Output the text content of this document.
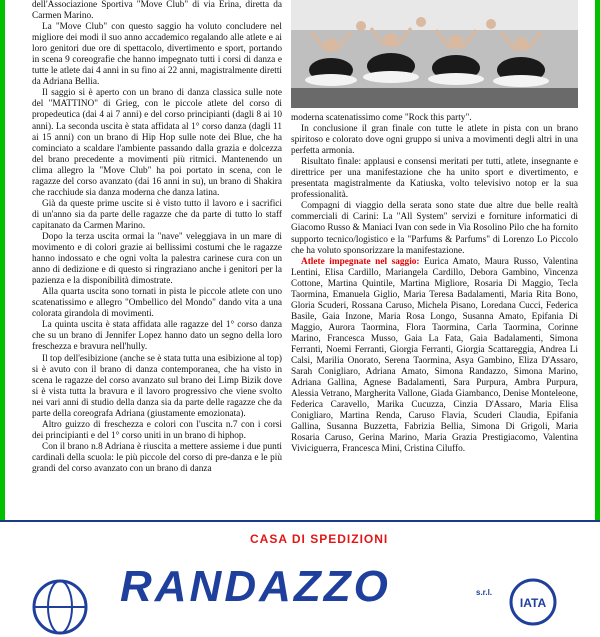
dell'Associazione Sportiva "Move Club" di via Erina, diretta da Carmen Marino.

La "Move Club" con questo saggio ha voluto concludere nel migliore dei modi il suo anno accademico regalando alle atlete e ai loro genitori due ore di spettacolo, divertimento e sport, portando in scena 9 coreografie che hanno impegnato tutti i corsi di danza e tutte le atlete dai 4 anni in su fino ai 22 anni, magistralmente diretti da Adriana Bellia.

Il saggio si è aperto con un brano di danza classica sulle note del "MATTINO" di Grieg, con le piccole atlete del corso di propedeutica (dai 4 ai 7 anni) e del corso principianti (dagli 8 ai 10 anni). La seconda uscita è stata affidata al 1° corso danza (dagli 11 ai 15 anni) con un brano di Hip Hop sulle note dei Blue, che ha cominciato a scaldare l'ambiente passando dalla grazia e dolcezza del brano precedente a movimenti più ritmici. Mantenendo un clima allegro la "Move Club" ha poi portato in scena, con le ragazze del corso avanzato (dai 16 anni in su), un brano di Shakira che racchiude sia danza moderna che danza latina.

Già da queste prime uscite si è visto tutto il lavoro e i sacrifici di un'anno sia da parte delle ragazze che da parte di tutto lo staff capitanato da Carmen Marino.

Dopo la terza uscita ormai la "nave" veleggiava in un mare di movimento e di colori grazie ai bellissimi costumi che le ragazze hanno indossato e che ogni volta la palestra carinese cura con un anno di dedizione e di questo si ringraziano anche i genitori per la pazienza e la disponibilità dimostrate.

Alla quarta uscita sono tornati in pista le piccole atlete con uno scatenatissimo e allegro "Ombellico del Mondo" dando vita a una colorata girandola di movimenti.

La quinta uscita è stata affidata alle ragazze del 1° corso danza che su un brano di Jennifer Lopez hanno dato un segno della loro freschezza e bravura nell'hully.

Il top dell'esibizione (anche se è stata tutta una esibizione al top) si è avuto con il brano di danza contemporanea, che ha visto in scena le ragazze del corso avanzato sul brano dei Limp Bizik dove si è vista tutta la bravura e il lavoro progressivo che viene svolto nei vari anni di studio della danza sia da parte delle ragazze che da parte della coreografa Adriana (giustamente emozionata).

Altro guizzo di freschezza e colori con l'uscita n.7 con i corsi dei principianti e del 1° corso uniti in un brano di hiphop.

Con il brano n.8 Adriana è riuscita a mettere assieme i due punti cardinali della scuola: le più piccole del corso di pre-danza e le più grandi del corso avanzato con un brano di danza

moderna scatenatissimo come "Rock this party".

In conclusione il gran finale con tutte le atlete in pista con un brano spiritoso e colorato dove ogni gruppo si univa a movimenti degli altri in una perfetta armonia.

Risultato finale: applausi e consensi meritati per tutti, atlete, insegnante e direttrice per una manifestazione che ha unito sport e divertimento, e presentata magistralmente da Katiuska, volto televisivo notop er la sua professionalità.

Compagni di viaggio della serata sono state due altre due belle realtà commerciali di Carini: La "All System" servizi e forniture informatici di Giacomo Russo & Maniaci Ivan con sede in Via Rosolino Pilo che ha fornito supporto tecnico/logistico e la "Parfums & Parfums" di Lorenzo Lo Piccolo che ha voluto sponsorizzare la manifestazione.

Atlete impegnate nel saggio: Eurica Amato, Maura Russo, Valentina Lentini, Elisa Cardillo, Mariangela Cardillo, Debora Gambino, Vincenza Cottone, Martina Quintile, Martina Migliore, Rosaria Di Maggio, Tecla Taormina, Emanuela Giglio, Maria Teresa Badalamenti, Maria Rita Bono, Gloria Scuderi, Rossana Caruso, Michela Pisano, Loredana Cucci, Federica Basile, Gaia Inzone, Maria Rosa Longo, Susanna Amato, Epifania Di Maggio, Aurora Taormina, Flora Taormina, Carla Taormina, Corinne Marino, Francesca Musso, Gaia La Fata, Gaia Badalamenti, Simona Ferranti, Noemi Ferranti, Giorgia Ferranti, Giorgia Scattareggia, Andrea Li Calsi, Marilia Onorato, Serena Taormina, Asya Gambino, Eliza D'Assaro, Sarah Conigliaro, Adriana Amato, Simona Randazzo, Simona Marino, Adriana Gallina, Agnese Badalamenti, Sara Purpura, Ambra Purpura, Alessia Vetrano, Margherita Vallone, Giada Giambanco, Denise Monteleone, Federica Caravello, Marika Cucuzza, Cinzia D'Assaro, Maria Elisa Conigliaro, Martina Renda, Caruso Flavia, Scuderi Claudia, Epifania Gallina, Susanna Buzzetta, Fabrizia Bellia, Simona Di Grigoli, Maria Rosaria Caruso, Gerina Marino, Maria Grazia Prestigiacomo, Valentina Viviciguerra, Francesca Mini, Cristina Ciluffo.

CASA DI SPEDIZIONI
RANDAZZO	s.r.l.
IATA
